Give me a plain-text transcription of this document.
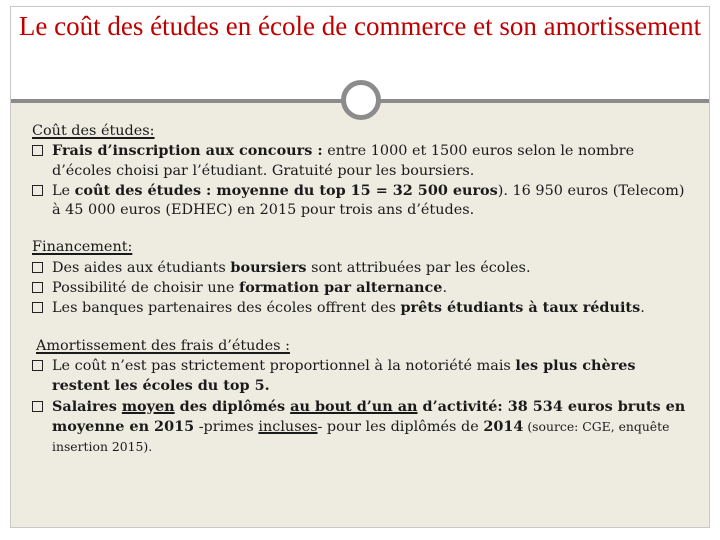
Le coût des études en école de commerce et son amortissement
Coût des études:
Frais d’inscription aux concours : entre 1000 et 1500 euros selon le nombre d’écoles choisi par l’étudiant. Gratuité pour les boursiers.
Le coût des études : moyenne du top 15 = 32 500 euros). 16 950 euros (Telecom) à 45 000 euros (EDHEC) en 2015 pour trois ans d’études.
Financement:
Des aides aux étudiants boursiers sont attribuées par les écoles.
Possibilité de choisir une formation par alternance.
Les banques partenaires des écoles offrent des prêts étudiants à taux réduits.
Amortissement des frais d’études :
Le coût n’est pas strictement proportionnel à la notoriété mais les plus chères restent les écoles du top 5.
Salaires moyen des diplômés au bout d’un an d’activité: 38 534 euros bruts en moyenne en 2015 -primes incluses- pour les diplômés de 2014 (source: CGE, enquête insertion 2015).
